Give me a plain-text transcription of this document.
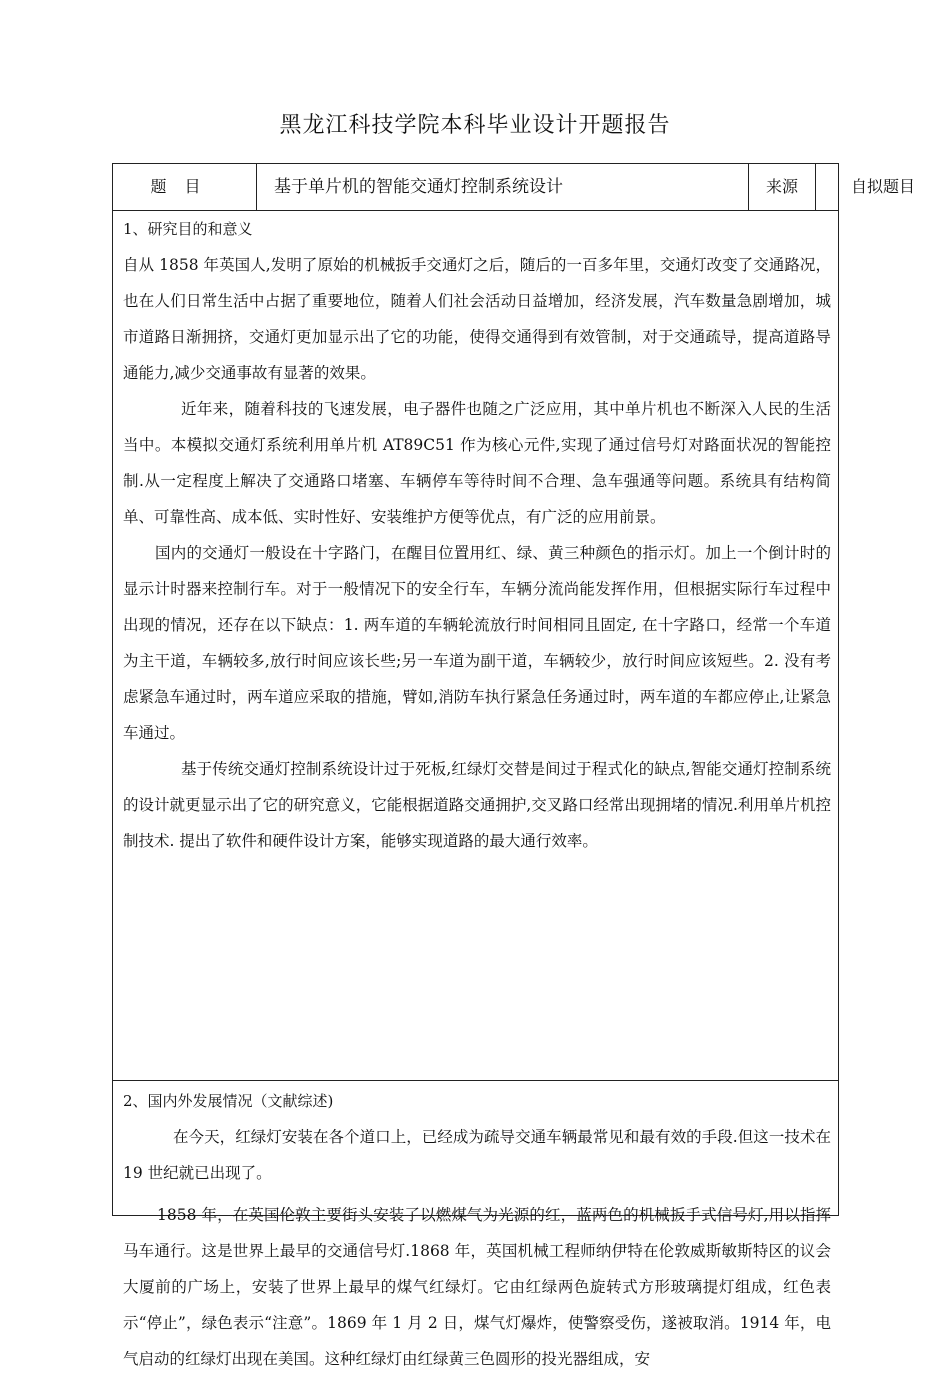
黑龙江科技学院本科毕业设计开题报告
题目	基于单片机的智能交通灯控制系统设计	来源	自拟题目

1、研究目的和意义

自从 1858 年英国人,发明了原始的机械扳手交通灯之后，随后的一百多年里，交通灯改变了交通路况，也在人们日常生活中占据了重要地位，随着人们社会活动日益增加，经济发展，汽车数量急剧增加，城市道路日渐拥挤，交通灯更加显示出了它的功能，使得交通得到有效管制，对于交通疏导，提高道路导通能力,减少交通事故有显著的效果。

近年来，随着科技的飞速发展，电子器件也随之广泛应用，其中单片机也不断深入人民的生活当中。本模拟交通灯系统利用单片机 AT89C51 作为核心元件,实现了通过信号灯对路面状况的智能控制.从一定程度上解决了交通路口堵塞、车辆停车等待时间不合理、急车强通等问题。系统具有结构简单、可靠性高、成本低、实时性好、安装维护方便等优点，有广泛的应用前景。

国内的交通灯一般设在十字路门，在醒目位置用红、绿、黄三种颜色的指示灯。加上一个倒计时的显示计时器来控制行车。对于一般情况下的安全行车，车辆分流尚能发挥作用，但根据实际行车过程中出现的情况，还存在以下缺点：1. 两车道的车辆轮流放行时间相同且固定, 在十字路口，经常一个车道为主干道，车辆较多,放行时间应该长些;另一车道为副干道，车辆较少，放行时间应该短些。2. 没有考虑紧急车通过时，两车道应采取的措施，臂如,消防车执行紧急任务通过时，两车道的车都应停止,让紧急车通过。

基于传统交通灯控制系统设计过于死板,红绿灯交替是间过于程式化的缺点,智能交通灯控制系统的设计就更显示出了它的研究意义，它能根据道路交通拥护,交叉路口经常出现拥堵的情况.利用单片机控制技术. 提出了软件和硬件设计方案，能够实现道路的最大通行效率。

2、国内外发展情况（文献综述)

在今天，红绿灯安装在各个道口上，已经成为疏导交通车辆最常见和最有效的手段.但这一技术在 19 世纪就已出现了。

1858 年，在英国伦敦主要街头安装了以燃煤气为光源的红，蓝两色的机械扳手式信号灯,用以指挥马车通行。这是世界上最早的交通信号灯.1868 年，英国机械工程师纳伊特在伦敦威斯敏斯特区的议会大厦前的广场上，安装了世界上最早的煤气红绿灯。它由红绿两色旋转式方形玻璃提灯组成，红色表示“停止”，绿色表示“注意”。1869 年 1 月 2 日，煤气灯爆炸，使警察受伤，遂被取消。1914 年，电气启动的红绿灯出现在美国。这种红绿灯由红绿黄三色圆形的投光器组成，安
